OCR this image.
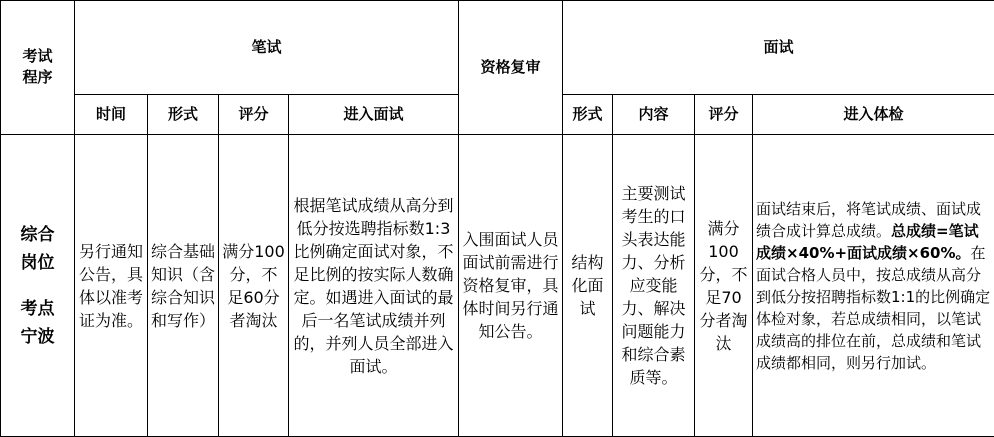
考试程序	笔试				资格复审	面试			
	时间	形式	评分	进入面试		形式	内容	评分	进入体检

综合岗位
考点宁波	另行通知公告，具体以准考证为准。	综合基础知识（含综合知识和写作）	满分100分，不足60分者淘汰	根据笔试成绩从高分到低分按选聘指标数1:3比例确定面试对象，不足比例的按实际人数确定。如遇进入面试的最后一名笔试成绩并列的，并列人员全部进入面试。	入围面试人员面试前需进行资格复审，具体时间另行通知公告。	结构化面试	主要测试考生的口头表达能力、分析应变能力、解决问题能力和综合素质等。	满分100分，不足70分者淘汰	面试结束后，将笔试成绩、面试成绩合成计算总成绩。总成绩=笔试成绩×40%+面试成绩×60%。在面试合格人员中，按总成绩从高分到低分按招聘指标数1:1的比例确定体检对象，若总成绩相同，以笔试成绩高的排位在前，总成绩和笔试成绩都相同，则另行加试。
